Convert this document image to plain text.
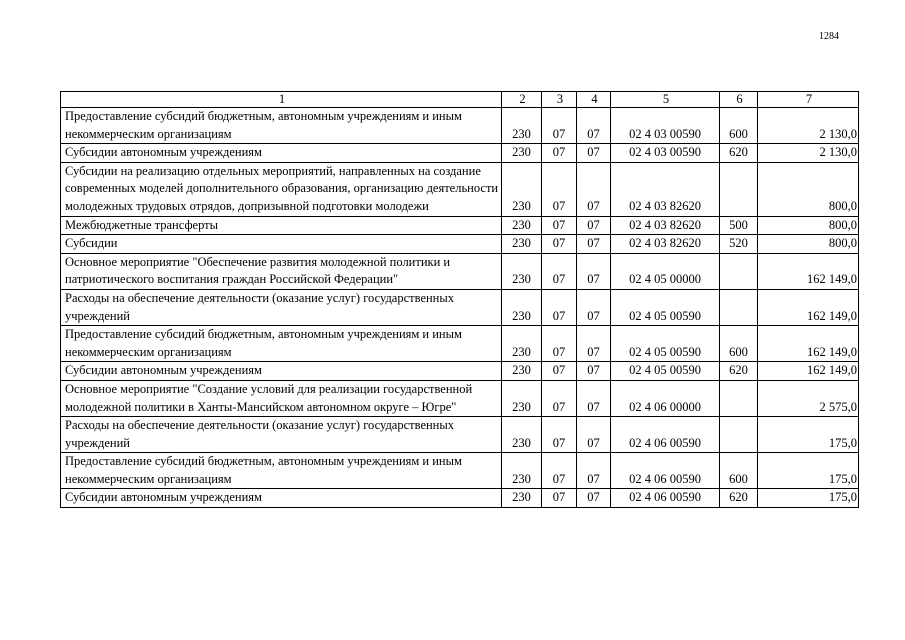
1284
1	2	3	4	5	6	7
Предоставление субсидий бюджетным, автономным учреждениям и иным некоммерческим организациям	230	07	07	02 4 03 00590	600	2 130,0
Субсидии автономным учреждениям	230	07	07	02 4 03 00590	620	2 130,0
Субсидии на реализацию отдельных мероприятий, направленных на создание современных моделей дополнительного образования, организацию деятельности молодежных трудовых отрядов, допризывной подготовки молодежи	230	07	07	02 4 03 82620		800,0
Межбюджетные трансферты	230	07	07	02 4 03 82620	500	800,0
Субсидии	230	07	07	02 4 03 82620	520	800,0
Основное мероприятие "Обеспечение развития молодежной политики и патриотического воспитания граждан Российской Федерации"	230	07	07	02 4 05 00000		162 149,0
Расходы на обеспечение деятельности (оказание услуг) государственных учреждений	230	07	07	02 4 05 00590		162 149,0
Предоставление субсидий бюджетным, автономным учреждениям и иным некоммерческим организациям	230	07	07	02 4 05 00590	600	162 149,0
Субсидии автономным учреждениям	230	07	07	02 4 05 00590	620	162 149,0
Основное мероприятие "Создание условий для реализации государственной молодежной политики в Ханты-Мансийском автономном округе – Югре"	230	07	07	02 4 06 00000		2 575,0
Расходы на обеспечение деятельности (оказание услуг) государственных учреждений	230	07	07	02 4 06 00590		175,0
Предоставление субсидий бюджетным, автономным учреждениям и иным некоммерческим организациям	230	07	07	02 4 06 00590	600	175,0
Субсидии автономным учреждениям	230	07	07	02 4 06 00590	620	175,0
